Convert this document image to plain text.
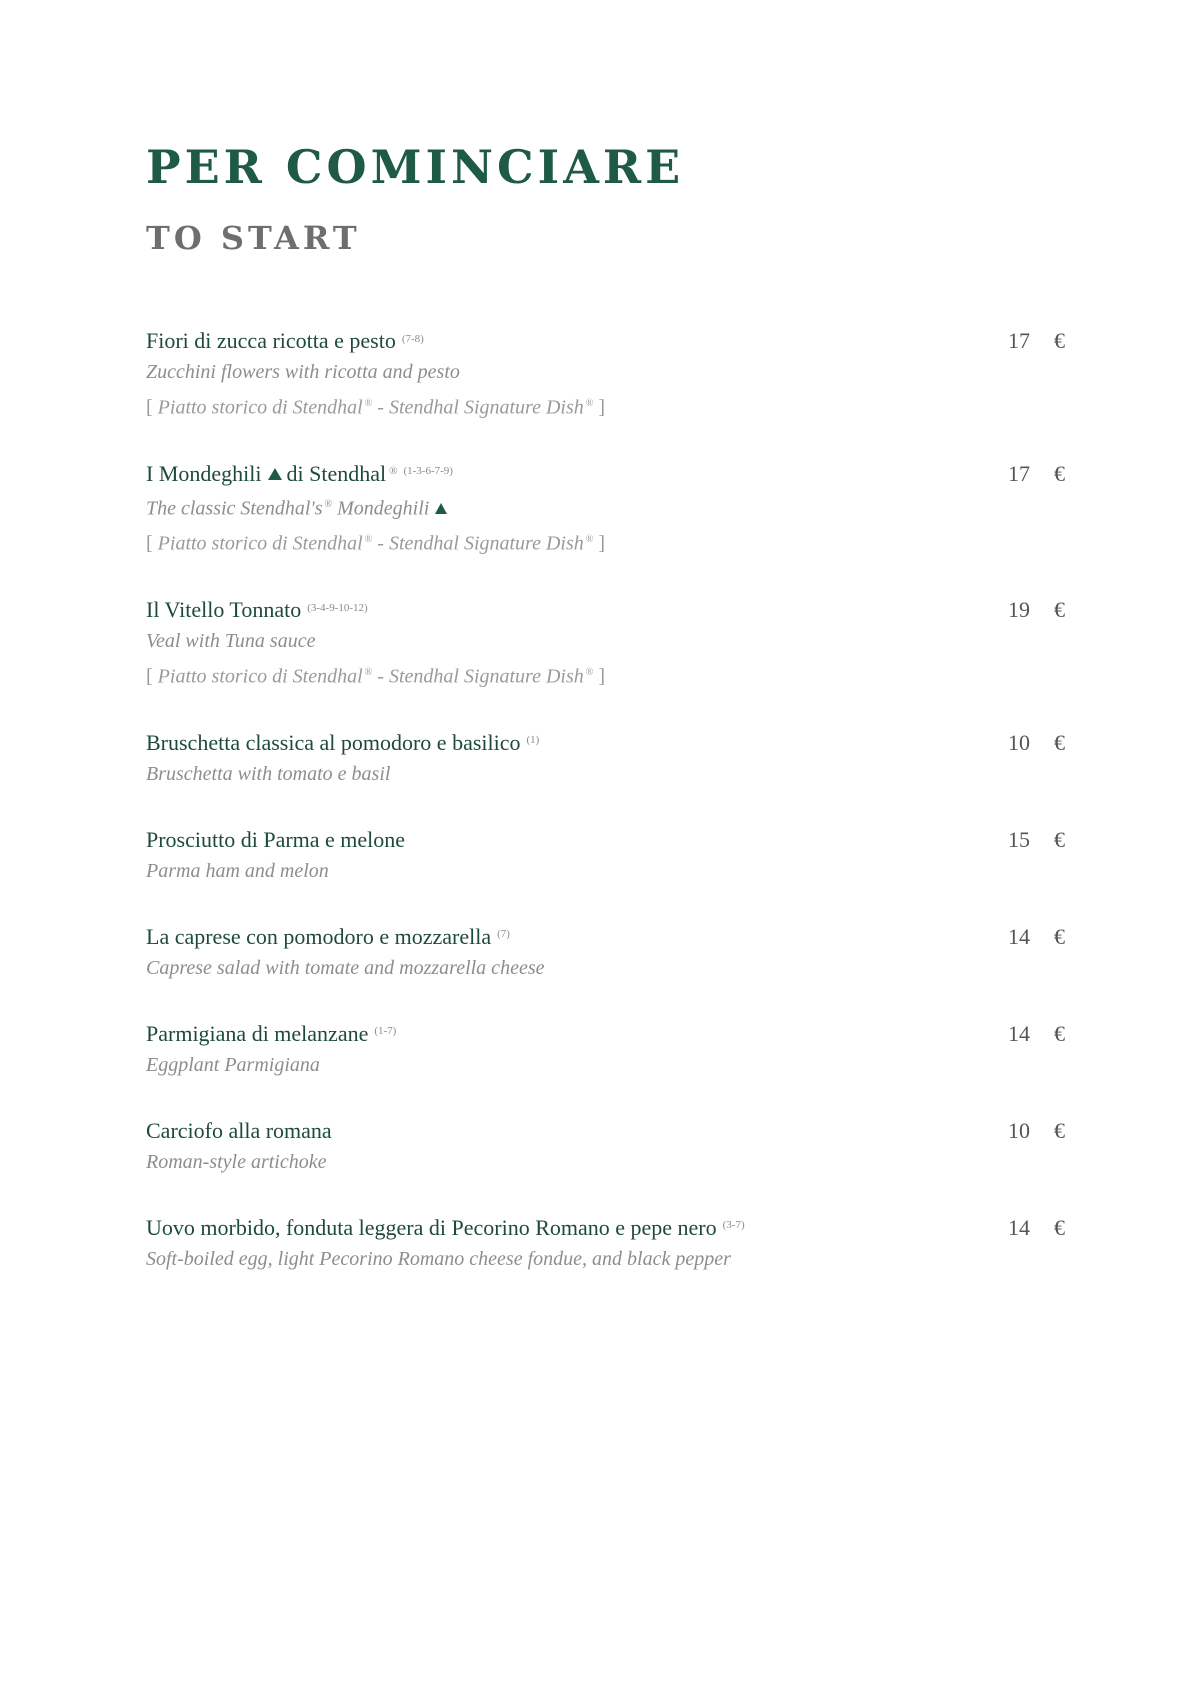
PER COMINCIARE
TO START
Fiori di zucca ricotta e pesto $^{(7-8)}$	17 €
Zucchini flowers with ricotta and pesto
[ Piatto storico di Stendhal ® - Stendhal Signature Dish ® ]
I Mondeghili di Stendhal ® $^{(1-3-6-7-9)}$	17 €
The classic Stendhal's ® Mondeghili
[ Piatto storico di Stendhal ® - Stendhal Signature Dish ® ]
Il Vitello Tonnato $^{(3-4-9-10-12)}$	19 €
Veal with Tuna sauce
[ Piatto storico di Stendhal ® - Stendhal Signature Dish ® ]
Bruschetta classica al pomodoro e basilico $^{(1)}$	10 €
Bruschetta with tomato e basil
Prosciutto di Parma e melone	15 €
Parma ham and melon
La caprese con pomodoro e mozzarella $^{(7)}$	14 €
Caprese salad with tomate and mozzarella cheese
Parmigiana di melanzane $^{(1-7)}$	14 €
Eggplant Parmigiana
Carciofo alla romana	10 €
Roman-style artichoke
Uovo morbido, fonduta leggera di Pecorino Romano e pepe nero $^{(3-7)}$	14 €
Soft-boiled egg, light Pecorino Romano cheese fondue, and black pepper
